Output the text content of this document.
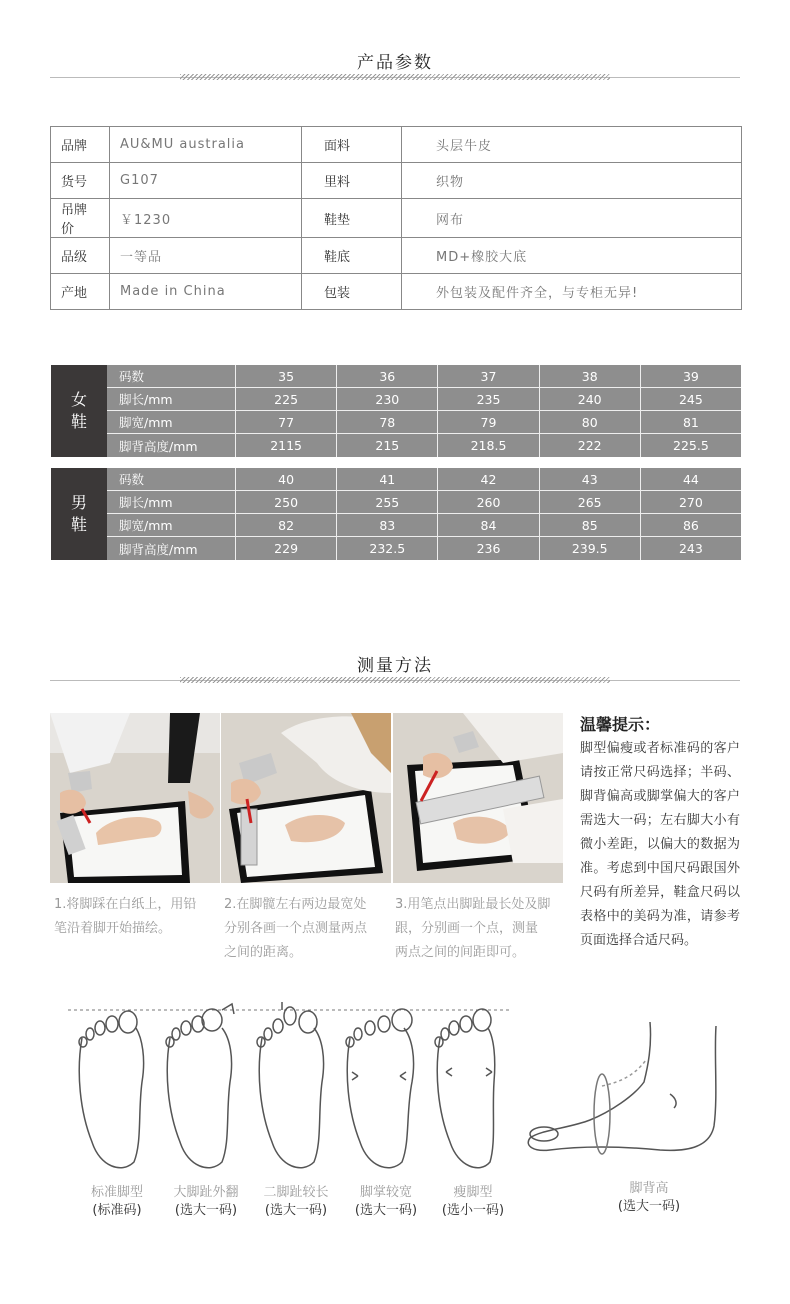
产品参数
品牌	AU&MU australia	面料	头层牛皮
货号	G107	里料	织物
吊牌价	￥1230	鞋垫	网布
品级	一等品	鞋底	MD+橡胶大底
产地	Made in China	包装	外包装及配件齐全，与专柜无异!
女
鞋
码数	35	36	37	38	39
脚长/mm	225	230	235	240	245
脚宽/mm	77	78	79	80	81
脚背高度/mm	2115	215	218.5	222	225.5
男
鞋
码数	40	41	42	43	44
脚长/mm	250	255	260	265	270
脚宽/mm	82	83	84	85	86
脚背高度/mm	229	232.5	236	239.5	243
测量方法
1.将脚踩在白纸上，用铅
笔沿着脚开始描绘。
2.在脚髋左右两边最宽处
分别各画一个点测量两点
之间的距离。
3.用笔点出脚趾最长处及脚
跟，分别画一个点，测量
两点之间的间距即可。
温馨提示：
脚型偏瘦或者标准码的客户请按正常尺码选择；半码、脚背偏高或脚掌偏大的客户需选大一码；左右脚大小有微小差距，以偏大的数据为准。考虑到中国尺码跟国外尺码有所差异，鞋盒尺码以表格中的美码为准，请参考页面选择合适尺码。
标准脚型
(标准码)
大脚趾外翻
(选大一码)
二脚趾较长
(选大一码)
脚掌较宽
(选大一码)
瘦脚型
(选小一码)
脚背高
(选大一码)
